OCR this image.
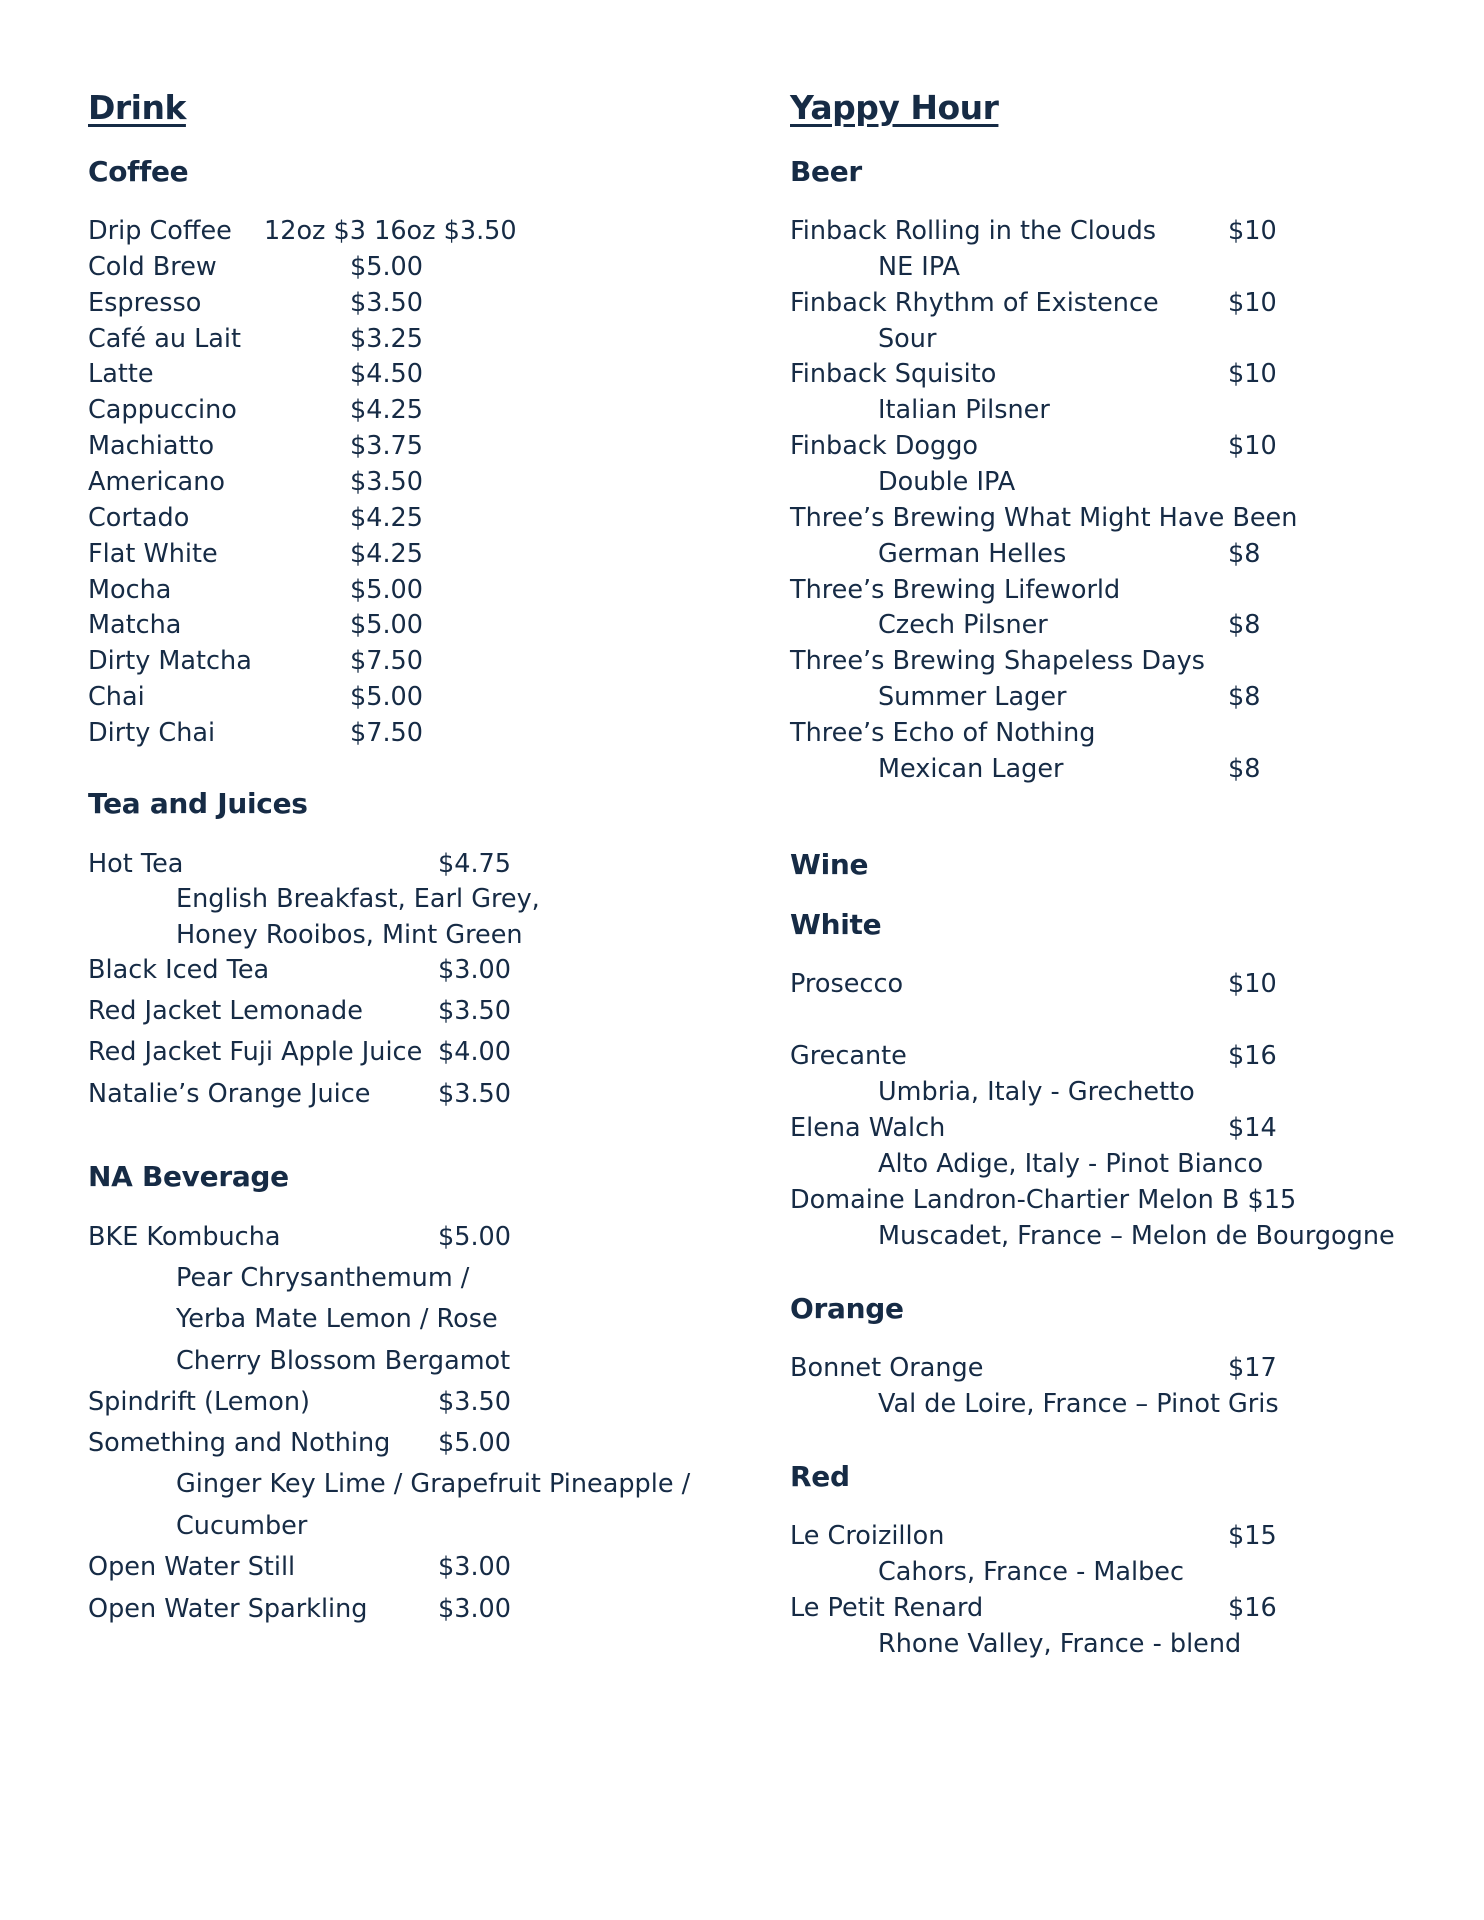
Drink
Coffee
Drip Coffee 12oz $3 16oz $3.50
Cold Brew	$5.00
Espresso	$3.50
Café au Lait	$3.25
Latte	$4.50
Cappuccino	$4.25
Machiatto	$3.75
Americano	$3.50
Cortado	$4.25
Flat White	$4.25
Mocha	$5.00
Matcha	$5.00
Dirty Matcha	$7.50
Chai	$5.00
Dirty Chai	$7.50
Tea and Juices
Hot Tea	$4.75
English Breakfast, Earl Grey,
Honey Rooibos, Mint Green
Black Iced Tea	$3.00
Red Jacket Lemonade	$3.50
Red Jacket Fuji Apple Juice $4.00
Natalie’s Orange Juice	$3.50
NA Beverage
BKE Kombucha	$5.00
Pear Chrysanthemum /
Yerba Mate Lemon / Rose
Cherry Blossom Bergamot
Spindrift (Lemon)	$3.50
Something and Nothing $5.00
Ginger Key Lime / Grapefruit Pineapple /
Cucumber
Open Water Still	$3.00
Open Water Sparkling	$3.00
Yappy Hour
Beer
Finback Rolling in the Clouds	$10
NE IPA
Finback Rhythm of Existence	$10
Sour
Finback Squisito	$10
Italian Pilsner
Finback Doggo	$10
Double IPA
Three’s Brewing What Might Have Been
German Helles	$8
Three’s Brewing Lifeworld
Czech Pilsner	$8
Three’s Brewing Shapeless Days
Summer Lager	$8
Three’s Echo of Nothing
Mexican Lager	$8
Wine
White
Prosecco	$10
Grecante	$16
Umbria, Italy - Grechetto
Elena Walch	$14
Alto Adige, Italy - Pinot Bianco
Domaine Landron-Chartier Melon B $15
Muscadet, France – Melon de Bourgogne
Orange
Bonnet Orange	$17
Val de Loire, France – Pinot Gris
Red
Le Croizillon	$15
Cahors, France - Malbec
Le Petit Renard	$16
Rhone Valley, France - blend
